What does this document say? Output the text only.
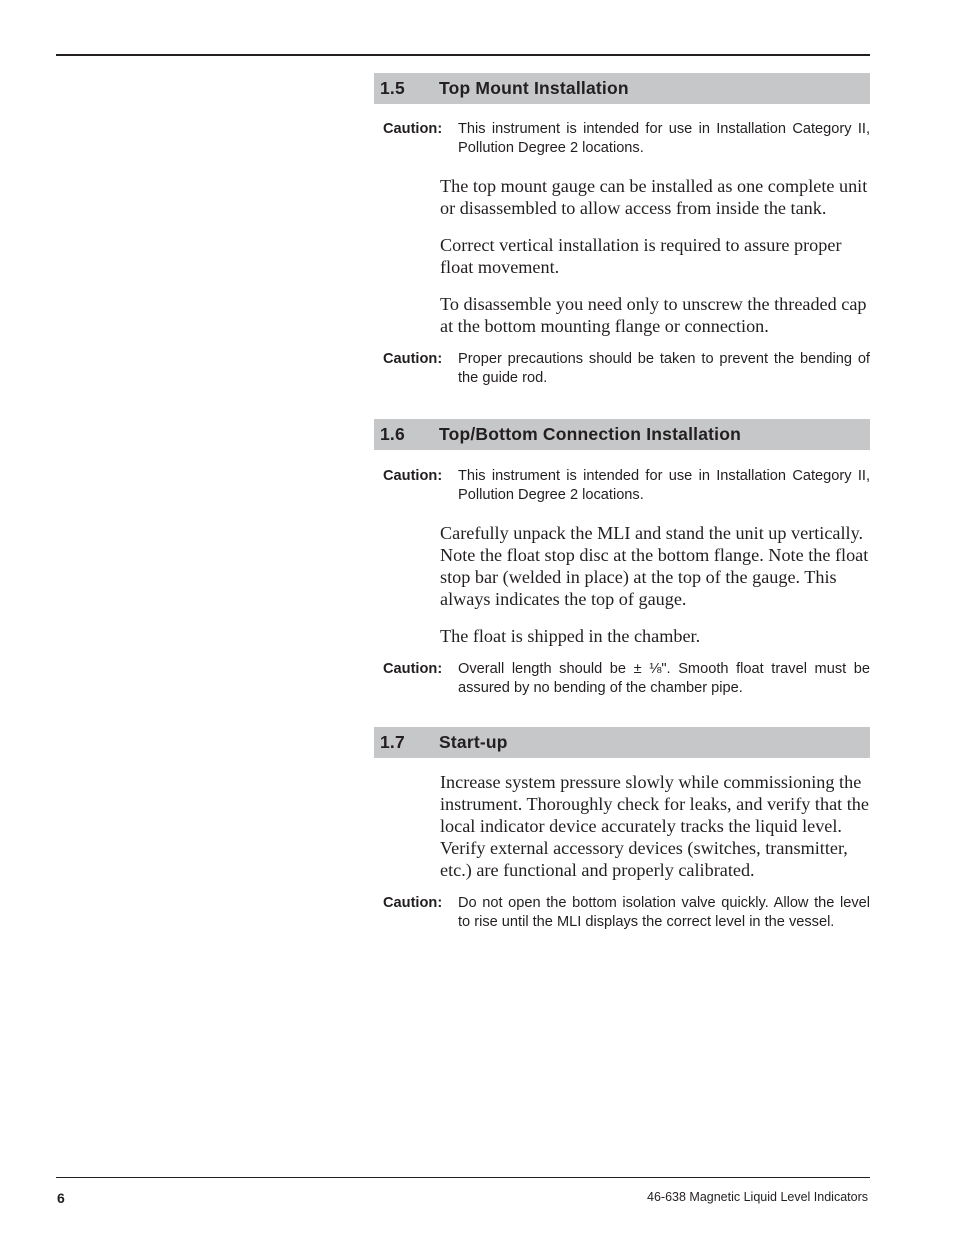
1.5	Top Mount Installation
Caution:	This instrument is intended for use in Installation Category II, Pollution Degree 2 locations.

The top mount gauge can be installed as one complete unit or disassembled to allow access from inside the tank.

Correct vertical installation is required to assure proper float movement.

To disassemble you need only to unscrew the threaded cap at the bottom mounting flange or connection.

Caution:	Proper precautions should be taken to prevent the bending of the guide rod.
1.6	Top/Bottom Connection Installation
Caution:	This instrument is intended for use in Installation Category II, Pollution Degree 2 locations.

Carefully unpack the MLI and stand the unit up vertically. Note the float stop disc at the bottom flange. Note the float stop bar (welded in place) at the top of the gauge. This always indicates the top of gauge.

The float is shipped in the chamber.

Caution:	Overall length should be ± ⅛". Smooth float travel must be assured by no bending of the chamber pipe.
1.7	Start-up

Increase system pressure slowly while commissioning the instrument. Thoroughly check for leaks, and verify that the local indicator device accurately tracks the liquid level. Verify external accessory devices (switches, transmitter, etc.) are functional and properly calibrated.

Caution:	Do not open the bottom isolation valve quickly. Allow the level to rise until the MLI displays the correct level in the vessel.
6	46-638 Magnetic Liquid Level Indicators
